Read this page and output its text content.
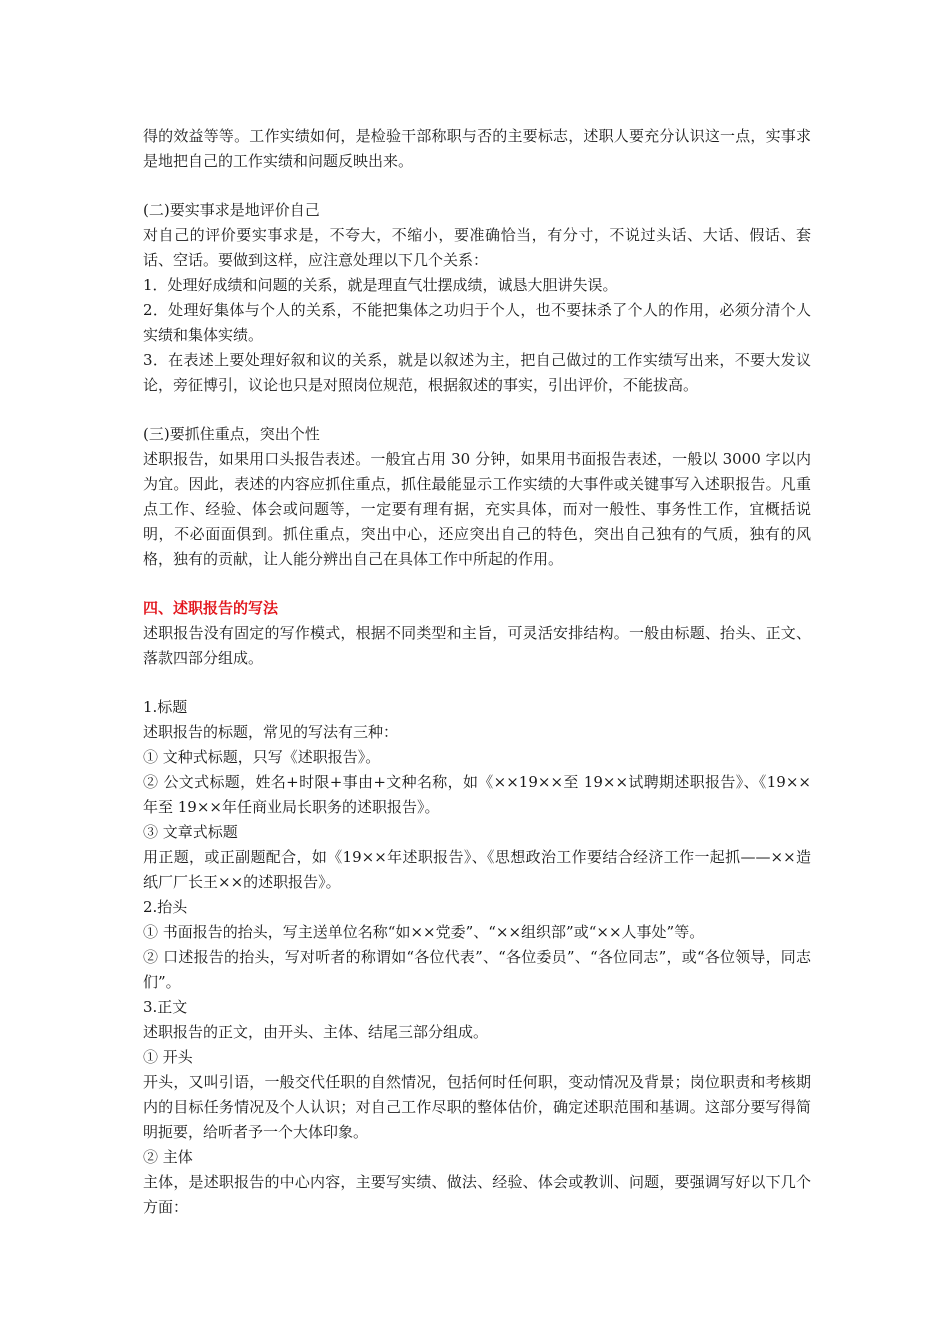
得的效益等等。工作实绩如何，是检验干部称职与否的主要标志，述职人要充分认识这一点，实事求是地把自己的工作实绩和问题反映出来。

(二)要实事求是地评价自己

对自己的评价要实事求是，不夸大，不缩小，要准确恰当，有分寸，不说过头话、大话、假话、套话、空话。要做到这样，应注意处理以下几个关系：

1．处理好成绩和问题的关系，就是理直气壮摆成绩，诚恳大胆讲失误。

2．处理好集体与个人的关系，不能把集体之功归于个人，也不要抹杀了个人的作用，必须分清个人实绩和集体实绩。

3．在表述上要处理好叙和议的关系，就是以叙述为主，把自己做过的工作实绩写出来，不要大发议论，旁征博引，议论也只是对照岗位规范，根据叙述的事实，引出评价，不能拔高。

(三)要抓住重点，突出个性

述职报告，如果用口头报告表述。一般宜占用 30 分钟，如果用书面报告表述，一般以 3000 字以内为宜。因此，表述的内容应抓住重点，抓住最能显示工作实绩的大事件或关键事写入述职报告。凡重点工作、经验、体会或问题等，一定要有理有据，充实具体，而对一般性、事务性工作，宜概括说明，不必面面俱到。抓住重点，突出中心，还应突出自己的特色，突出自己独有的气质，独有的风格，独有的贡献，让人能分辨出自己在具体工作中所起的作用。

四、述职报告的写法

述职报告没有固定的写作模式，根据不同类型和主旨，可灵活安排结构。一般由标题、抬头、正文、落款四部分组成。

1.标题

述职报告的标题，常见的写法有三种：

① 文种式标题，只写《述职报告》。

② 公文式标题，姓名+时限+事由+文种名称，如《××19××至 19××试聘期述职报告》、《19××年至 19××年任商业局长职务的述职报告》。

③ 文章式标题

用正题，或正副题配合，如《19××年述职报告》、《思想政治工作要结合经济工作一起抓——××造纸厂厂长王××的述职报告》。

2.抬头

① 书面报告的抬头，写主送单位名称“如××党委”、“××组织部”或“××人事处”等。

② 口述报告的抬头，写对听者的称谓如“各位代表”、“各位委员”、“各位同志”，或“各位领导，同志们”。

3.正文

述职报告的正文，由开头、主体、结尾三部分组成。

① 开头

开头，又叫引语，一般交代任职的自然情况，包括何时任何职，变动情况及背景；岗位职责和考核期内的目标任务情况及个人认识；对自己工作尽职的整体估价，确定述职范围和基调。这部分要写得简明扼要，给听者予一个大体印象。

② 主体

主体，是述职报告的中心内容，主要写实绩、做法、经验、体会或教训、问题，要强调写好以下几个方面：
